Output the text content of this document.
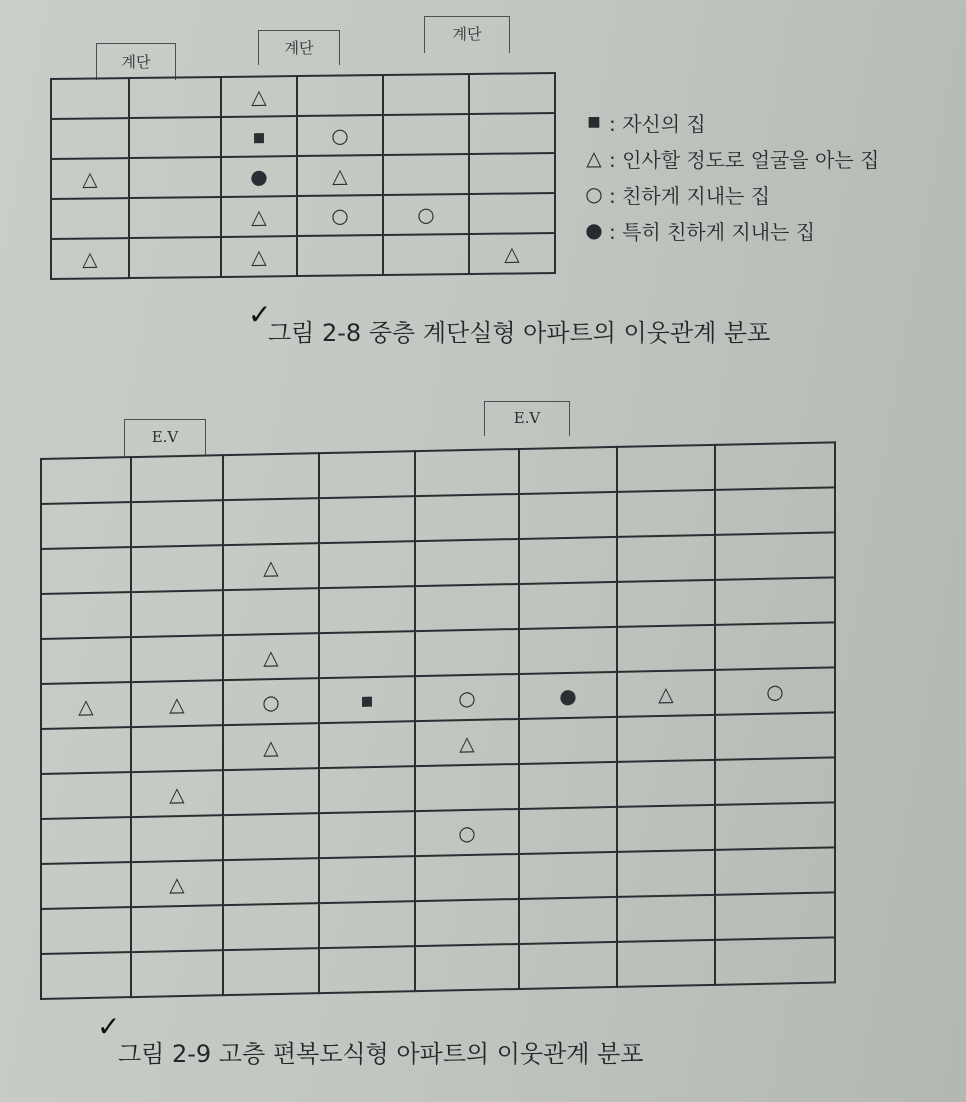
계단
계단
계단
		△			
		■	○		
△		●	△		
		△	○	○	
△		△			△
■ : 자신의 집
△ : 인사할 정도로 얼굴을 아는 집
○ : 친하게 지내는 집
● : 특히 친하게 지내는 집
✓
그림 2-8 중층 계단실형 아파트의 이웃관계 분포
E.V
E.V

		△					

		△					
△	△	○	■	○	●	△	○
		△		△			
	△						
				○			
	△						

✓
그림 2-9 고층 편복도식형 아파트의 이웃관계 분포
